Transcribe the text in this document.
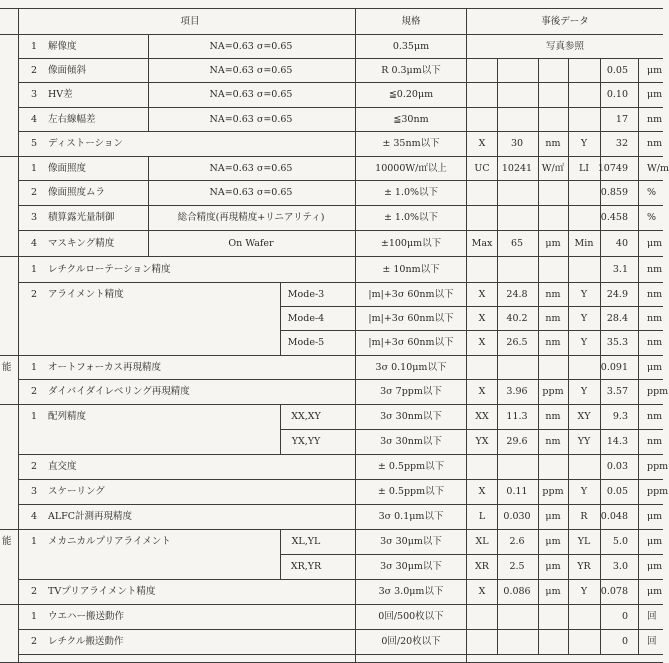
項目	規格	事後データ
能
能
1 解像度	NA=0.63 σ=0.65	0.35μm	写真参照
2 像面傾斜	NA=0.63 σ=0.65	R 0.3μm以下	0.05 μm
3 HV差	NA=0.63 σ=0.65	≦0.20μm	0.10 μm
4 左右線幅差	NA=0.63 σ=0.65	≦30nm	17 nm
5 ディストーション	± 35nm以下	X	30 nm Y	32 nm
1 像面照度	NA=0.63 σ=0.65	10000W/㎡以上	UC 10241 W/㎡ LI 10749 W/m
2 像面照度ムラ	NA=0.63 σ=0.65	± 1.0%以下	0.859 %
3 積算露光量制御	総合精度(再現精度+リニアリティ)	± 1.0%以下	0.458 %
4 マスキング精度	On Wafer	±100μm以下	Max 65 μm Min 40 μm
1 レチクルローテーション精度	± 10nm以下	3.1 nm
2 アライメント精度	Mode-3	|m|+3σ 60nm以下	X 24.8 nm Y 24.9 nm
Mode-4	|m|+3σ 60nm以下	X 40.2 nm Y 28.4 nm
Mode-5	|m|+3σ 60nm以下	X 26.5 nm Y 35.3 nm
1 オートフォーカス再現精度	3σ 0.10μm以下	0.091 μm
2 ダイバイダイレベリング再現精度	3σ 7ppm以下	X 3.96 ppm Y 3.57 ppm
1 配列精度	XX,XY	3σ 30nm以下	XX 11.3 nm XY 9.3 nm
YX,YY	3σ 30nm以下	YX 29.6 nm YY 14.3 nm
2 直交度	± 0.5ppm以下	0.03 ppm
3 スケーリング	± 0.5ppm以下	X 0.11 ppm Y 0.05 ppm
4 ALFC計測再現精度	3σ 0.1μm以下	L 0.030 μm R 0.048 μm
1 メカニカルプリアライメント	XL,YL	3σ 30μm以下	XL 2.6 μm YL 5.0 μm
XR,YR	3σ 30μm以下	XR 2.5 μm YR 3.0 μm
2 TVプリアライメント精度	3σ 3.0μm以下	X 0.086 μm Y 0.078 μm
1 ウエハー搬送動作	0回/500枚以下	0 回
2 レチクル搬送動作	0回/20枚以下	0 回
